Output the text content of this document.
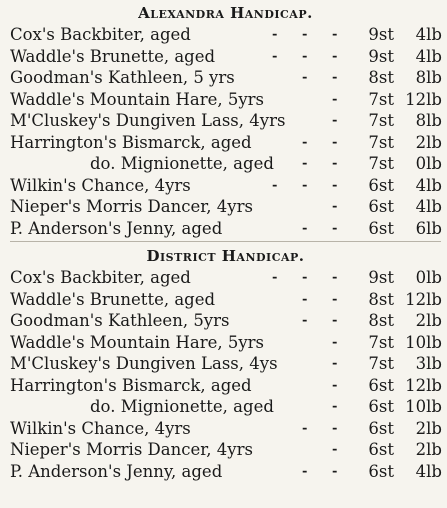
Alexandra Handicap.
Cox's Backbiter, aged	- - -	9st	4lb
Waddle's Brunette, aged	- - -	9st	4lb
Goodman's Kathleen, 5 yrs	- -	8st	8lb
Waddle's Mountain Hare, 5yrs	-	7st 12lb
M'Cluskey's Dungiven Lass, 4yrs	-	7st	8lb
Harrington's Bismarck, aged	- -	7st	2lb
do. Mignionette, aged - -	7st	0lb
Wilkin's Chance, 4yrs	- - -	6st	4lb
Nieper's Morris Dancer, 4yrs	-	6st	4lb
P. Anderson's Jenny, aged	- -	6st	6lb
District Handicap.
Cox's Backbiter, aged	- - -	9st	0lb
Waddle's Brunette, aged	- -	8st 12lb
Goodman's Kathleen, 5yrs	- -	8st	2lb
Waddle's Mountain Hare, 5yrs	-	7st 10lb
M'Cluskey's Dungiven Lass, 4ys	-	7st	3lb
Harrington's Bismarck, aged	-	6st 12lb
do. Mignionette, aged	-	6st 10lb
Wilkin's Chance, 4yrs	- -	6st	2lb
Nieper's Morris Dancer, 4yrs	-	6st	2lb
P. Anderson's Jenny, aged	- -	6st	4lb
